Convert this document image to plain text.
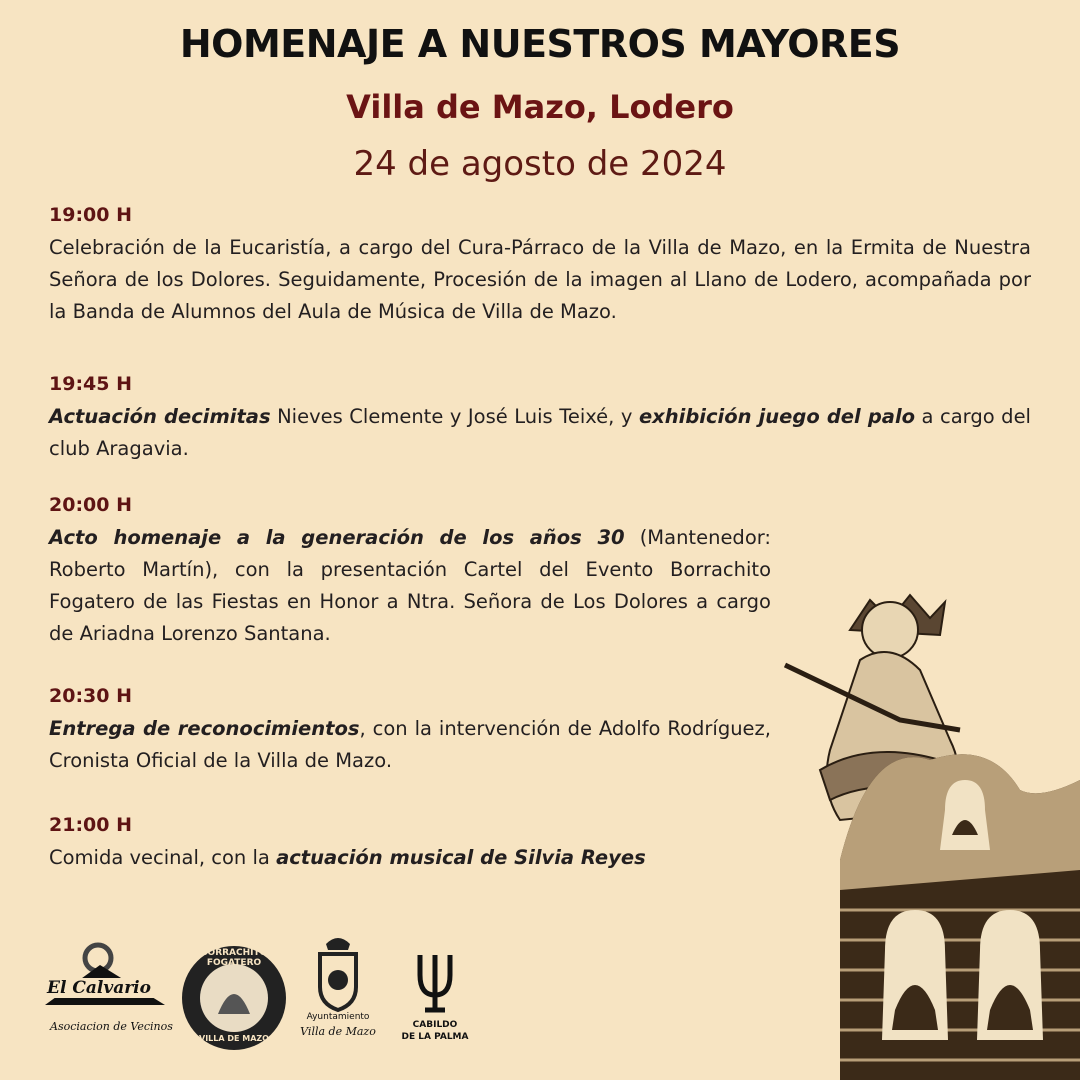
HOMENAJE A NUESTROS MAYORES
Villa de Mazo, Lodero
24 de agosto de 2024
19:00 H
Celebración de la Eucaristía, a cargo del Cura-Párraco de la Villa de Mazo, en la Ermita de Nuestra Señora de los Dolores. Seguidamente, Procesión de la imagen al Llano de Lodero, acompañada por la Banda de Alumnos del Aula de Música de Villa de Mazo.
19:45 H
Actuación decimitas Nieves Clemente y José Luis Teixé, y exhibición juego del palo a cargo del club Aragavia.
20:00 H
Acto homenaje a la generación de los años 30 (Mantenedor: Roberto Martín), con la presentación Cartel del Evento Borrachito Fogatero de las Fiestas en Honor a Ntra. Señora de Los Dolores a cargo de Ariadna Lorenzo Santana.
20:30 H
Entrega de reconocimientos, con la intervención de Adolfo Rodríguez, Cronista Oficial de la Villa de Mazo.
21:00 H
Comida vecinal, con la actuación musical de Silvia Reyes
El Calvario
Asociacion de Vecinos
BORRACHITO FOGATERO
VILLA DE MAZO
Ayuntamiento
Villa de Mazo	CABILDO
DE LA PALMA
